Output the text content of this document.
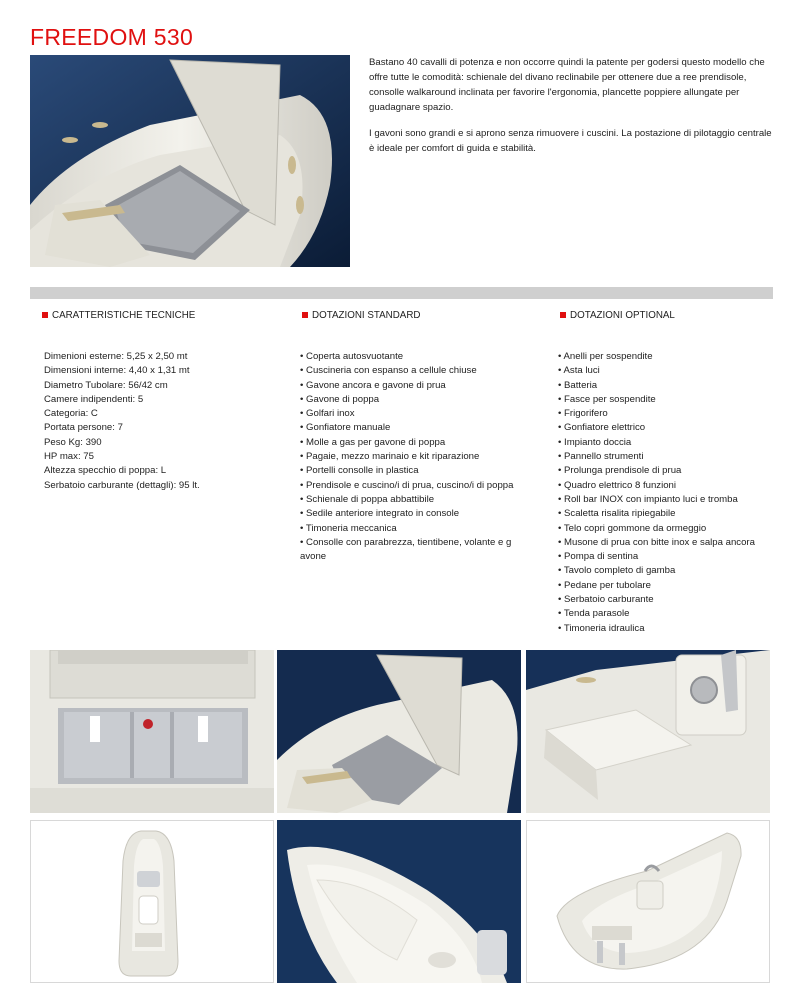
FREEDOM 530

Bastano 40 cavalli di potenza e non occorre quindi la patente per godersi questo modello che offre tutte le comodità: schienale del divano reclinabile per ottenere due a ree prendisole, consolle walkaround inclinata per favorire l'ergonomia, plancette poppiere allungate per guadagnare spazio.

I gavoni sono grandi e si aprono senza rimuovere i cuscini. La postazione di pilotaggio centrale è ideale per comfort di guida e stabilità.

CARATTERISTICHE TECNICHE
Dimenioni esterne: 5,25 x 2,50 mt
Dimensioni interne: 4,40 x 1,31 mt
Diametro Tubolare: 56/42 cm
Camere indipendenti: 5
Categoria: C
Portata persone: 7
Peso Kg: 390
HP max: 75
Altezza specchio di poppa: L
Serbatoio carburante (dettagli): 95 lt.
DOTAZIONI STANDARD
• Coperta autosvuotante
• Cuscineria con espanso a cellule chiuse
• Gavone ancora e gavone di prua
• Gavone di poppa
• Golfari inox
• Gonfiatore manuale
• Molle a gas per gavone di poppa
• Pagaie, mezzo marinaio e kit riparazione
• Portelli consolle in plastica
• Prendisole e cuscino/i di prua, cuscino/i di poppa
• Schienale di poppa abbattibile
• Sedile anteriore integrato in console
• Timoneria meccanica
• Consolle con parabrezza, tientibene, volante e g avone
DOTAZIONI OPTIONAL
• Anelli per sospendite
• Asta luci
• Batteria
• Fasce per sospendite
• Frigorifero
• Gonfiatore elettrico
• Impianto doccia
• Pannello strumenti
• Prolunga prendisole di prua
• Quadro elettrico 8 funzioni
• Roll bar INOX con impianto luci e tromba
• Scaletta risalita ripiegabile
• Telo copri gommone da ormeggio
• Musone di prua con bitte inox e salpa ancora
• Pompa di sentina
• Tavolo completo di gamba
• Pedane per tubolare
• Serbatoio carburante
• Tenda parasole
• Timoneria idraulica
